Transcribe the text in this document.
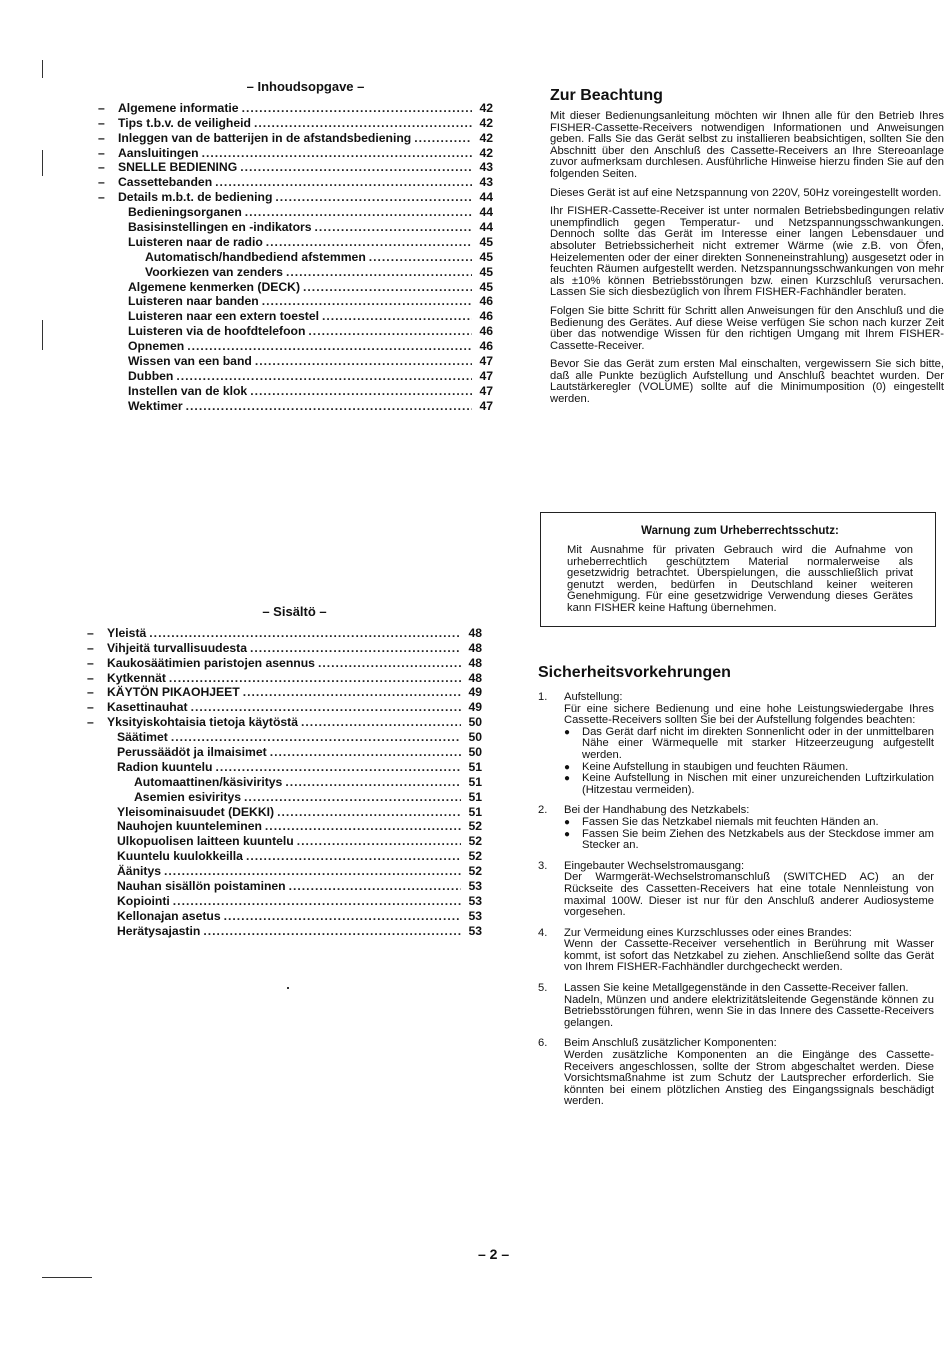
– Inhoudsopgave –
– Algemene informatie .....	42
– Tips t.b.v. de veiligheid .....	42
– Inleggen van de batterijen in de afstandsbediening .....	42
– Aansluitingen .....	42
– SNELLE BEDIENING .....	43
– Cassettebanden .....	43
– Details m.b.t. de bediening .....	44
Bedieningsorganen .....	44
Basisinstellingen en -indikators .....	44
Luisteren naar de radio .....	45
Automatisch/handbediend afstemmen .....	45
Voorkiezen van zenders .....	45
Algemene kenmerken (DECK) .....	45
Luisteren naar banden .....	46
Luisteren naar een extern toestel .....	46
Luisteren via de hoofdtelefoon .....	46
Opnemen .....	46
Wissen van een band .....	47
Dubben .....	47
Instellen van de klok .....	47
Wektimer .....	47
– Sisältö –
– Yleistä .....	48
– Vihjeitä turvallisuudesta .....	48
– Kaukosäätimien paristojen asennus .....	48
– Kytkennät .....	48
– KÄYTÖN PIKAOHJEET .....	49
– Kasettinauhat .....	49
– Yksityiskohtaisia tietoja käytöstä .....	50
Säätimet .....	50
Perussäädöt ja ilmaisimet .....	50
Radion kuuntelu .....	51
Automaattinen/käsiviritys .....	51
Asemien esiviritys .....	51
Yleisominaisuudet (DEKKI) .....	51
Nauhojen kuunteleminen .....	52
Ulkopuolisen laitteen kuuntelu .....	52
Kuuntelu kuulokkeilla .....	52
Äänitys .....	52
Nauhan sisällön poistaminen .....	53
Kopiointi .....	53
Kellonajan asetus .....	53
Herätysajastin .....	53
Zur Beachtung

Mit dieser Bedienungsanleitung möchten wir Ihnen alle für den Betrieb Ihres FISHER-Cassette-Receivers notwendigen Informationen und Anweisungen geben. Falls Sie das Gerät selbst zu installieren beabsichtigen, sollten Sie den Abschnitt über den Anschluß des Cassette-Receivers an Ihre Stereoanlage zuvor aufmerksam durchlesen. Ausführliche Hinweise hierzu finden Sie auf den folgenden Seiten.

Dieses Gerät ist auf eine Netzspannung von 220V, 50Hz voreingestellt worden.

Ihr FISHER-Cassette-Receiver ist unter normalen Betriebsbedingungen relativ unempfindlich gegen Temperatur- und Netzspannungsschwankungen. Dennoch sollte das Gerät im Interesse einer langen Lebensdauer und absoluter Betriebssicherheit nicht extremer Wärme (wie z.B. von Öfen, Heizelementen oder der einer direkten Sonneneinstrahlung) ausgesetzt oder in feuchten Räumen aufgestellt werden. Netzspannungsschwankungen von mehr als ±10% können Betriebsstörungen bzw. einen Kurzschluß verursachen. Lassen Sie sich diesbezüglich von Ihrem FISHER-Fachhändler beraten.

Folgen Sie bitte Schritt für Schritt allen Anweisungen für den Anschluß und die Bedienung des Gerätes. Auf diese Weise verfügen Sie schon nach kurzer Zeit über das notwendige Wissen für den richtigen Umgang mit Ihrem FISHER-Cassette-Receiver.

Bevor Sie das Gerät zum ersten Mal einschalten, vergewissern Sie sich bitte, daß alle Punkte bezüglich Aufstellung und Anschluß beachtet wurden. Der Lautstärkeregler (VOLUME) sollte auf die Minimumposition (0) eingestellt werden.

Warnung zum Urheberrechtsschutz:

Mit Ausnahme für privaten Gebrauch wird die Aufnahme von urheberrechtlich geschütztem Material normalerweise als gesetzwidrig betrachtet. Überspielungen, die ausschließlich privat genutzt werden, bedürfen in Deutschland keiner weiteren Genehmigung. Für eine gesetzwidrige Verwendung dieses Gerätes kann FISHER keine Haftung übernehmen.

Sicherheitsvorkehrungen
1. Aufstellung:
Für eine sichere Bedienung und eine hohe Leistungswiedergabe Ihres Cassette-Receivers sollten Sie bei der Aufstellung folgendes beachten:
● Das Gerät darf nicht im direkten Sonnenlicht oder in der unmittelbaren Nähe einer Wärmequelle mit starker Hitzeerzeugung aufgestellt werden.
● Keine Aufstellung in staubigen und feuchten Räumen.
● Keine Aufstellung in Nischen mit einer unzureichenden Luftzirkulation (Hitzestau vermeiden).
2. Bei der Handhabung des Netzkabels:
● Fassen Sie das Netzkabel niemals mit feuchten Händen an.
● Fassen Sie beim Ziehen des Netzkabels aus der Steckdose immer am Stecker an.
3. Eingebauter Wechselstromausgang:
Der Warmgerät-Wechselstromanschluß (SWITCHED AC) an der Rückseite des Cassetten-Receivers hat eine totale Nennleistung von maximal 100W. Dieser ist nur für den Anschluß anderer Audiosysteme vorgesehen.
4. Zur Vermeidung eines Kurzschlusses oder eines Brandes:
Wenn der Cassette-Receiver versehentlich in Berührung mit Wasser kommt, ist sofort das Netzkabel zu ziehen. Anschließend sollte das Gerät von Ihrem FISHER-Fachhändler durchgecheckt werden.
5. Lassen Sie keine Metallgegenstände in den Cassette-Receiver fallen.
Nadeln, Münzen und andere elektrizitätsleitende Gegenstände können zu Betriebsstörungen führen, wenn Sie in das Innere des Cassette-Receivers gelangen.
6. Beim Anschluß zusätzlicher Komponenten:
Werden zusätzliche Komponenten an die Eingänge des Cassette-Receivers angeschlossen, sollte der Strom abgeschaltet werden. Diese Vorsichtsmaßnahme ist zum Schutz der Lautsprecher erforderlich. Sie könnten bei einem plötzlichen Anstieg des Eingangssignals beschädigt werden.
– 2 –
